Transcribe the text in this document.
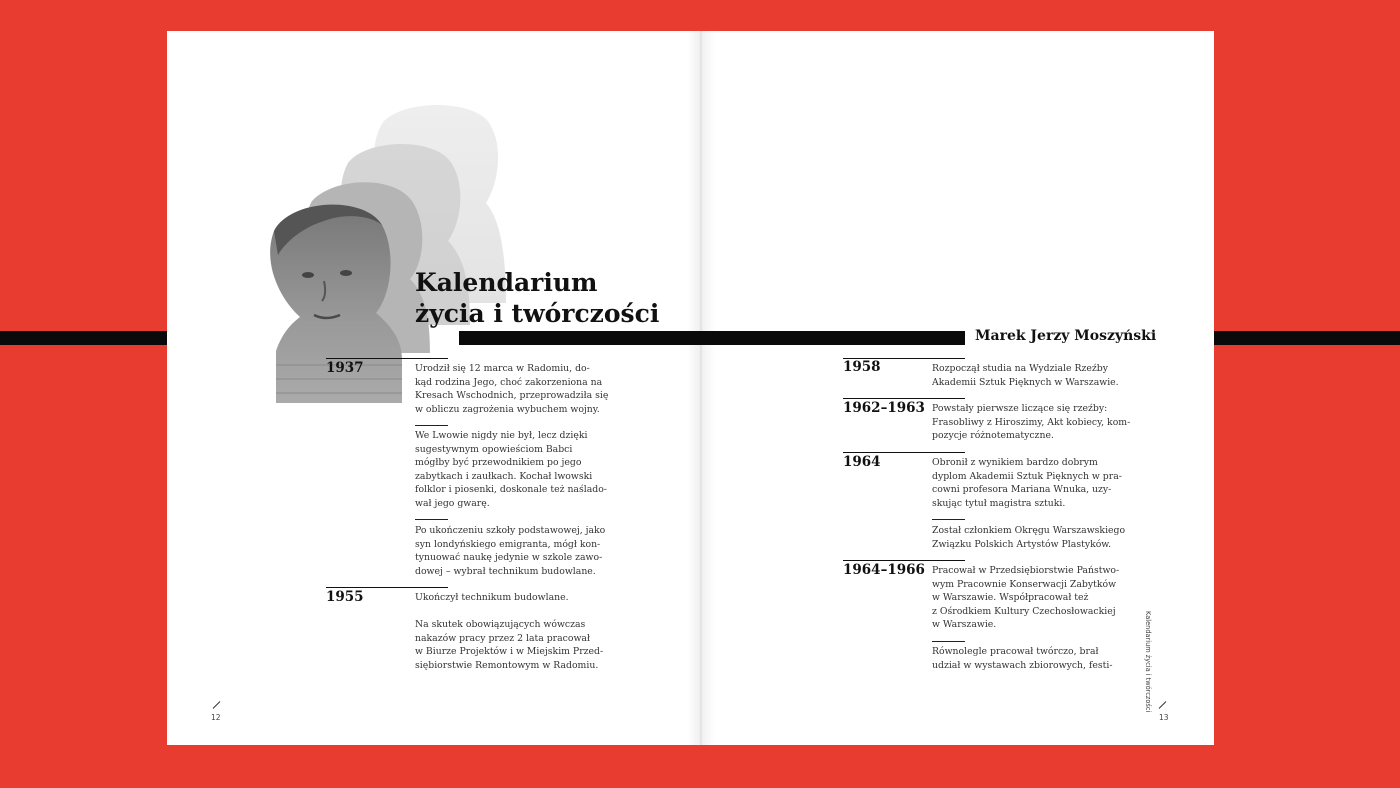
Kalendarium
życia i twórczości
Marek Jerzy Moszyński
1937	Urodził się 12 marca w Radomiu, do-
kąd rodzina Jego, choć zakorzeniona na
Kresach Wschodnich, przeprowadziła się
w obliczu zagrożenia wybuchem wojny.

We Lwowie nigdy nie był, lecz dzięki
sugestywnym opowieściom Babci
mógłby być przewodnikiem po jego
zabytkach i zaułkach. Kochał lwowski
folklor i piosenki, doskonale też naślado-
wał jego gwarę.

Po ukończeniu szkoły podstawowej, jako
syn londyńskiego emigranta, mógł kon-
tynuować naukę jedynie w szkole zawo-
dowej – wybrał technikum budowlane.

1955	Ukończył technikum budowlane.

Na skutek obowiązujących wówczas
nakazów pracy przez 2 lata pracował
w Biurze Projektów i w Miejskim Przed-
siębiorstwie Remontowym w Radomiu.

1958	Rozpoczął studia na Wydziale Rzeźby
Akademii Sztuk Pięknych w Warszawie.

1962–1963 Powstały pierwsze liczące się rzeźby:
Frasobliwy z Hiroszimy, Akt kobiecy, kom-
pozycje różnotematyczne.

1964	Obronił z wynikiem bardzo dobrym
dyplom Akademii Sztuk Pięknych w pra-
cowni profesora Mariana Wnuka, uzy-
skując tytuł magistra sztuki.

Został członkiem Okręgu Warszawskiego
Związku Polskich Artystów Plastyków.

1964–1966 Pracował w Przedsiębiorstwie Państwo-
wym Pracownie Konserwacji Zabytków
w Warszawie. Współpracował też
z Ośrodkiem Kultury Czechosłowackiej
w Warszawie.

Równolegle pracował twórczo, brał
udział w wystawach zbiorowych, festi-

12	13
Kalendarium życia i twórczości
